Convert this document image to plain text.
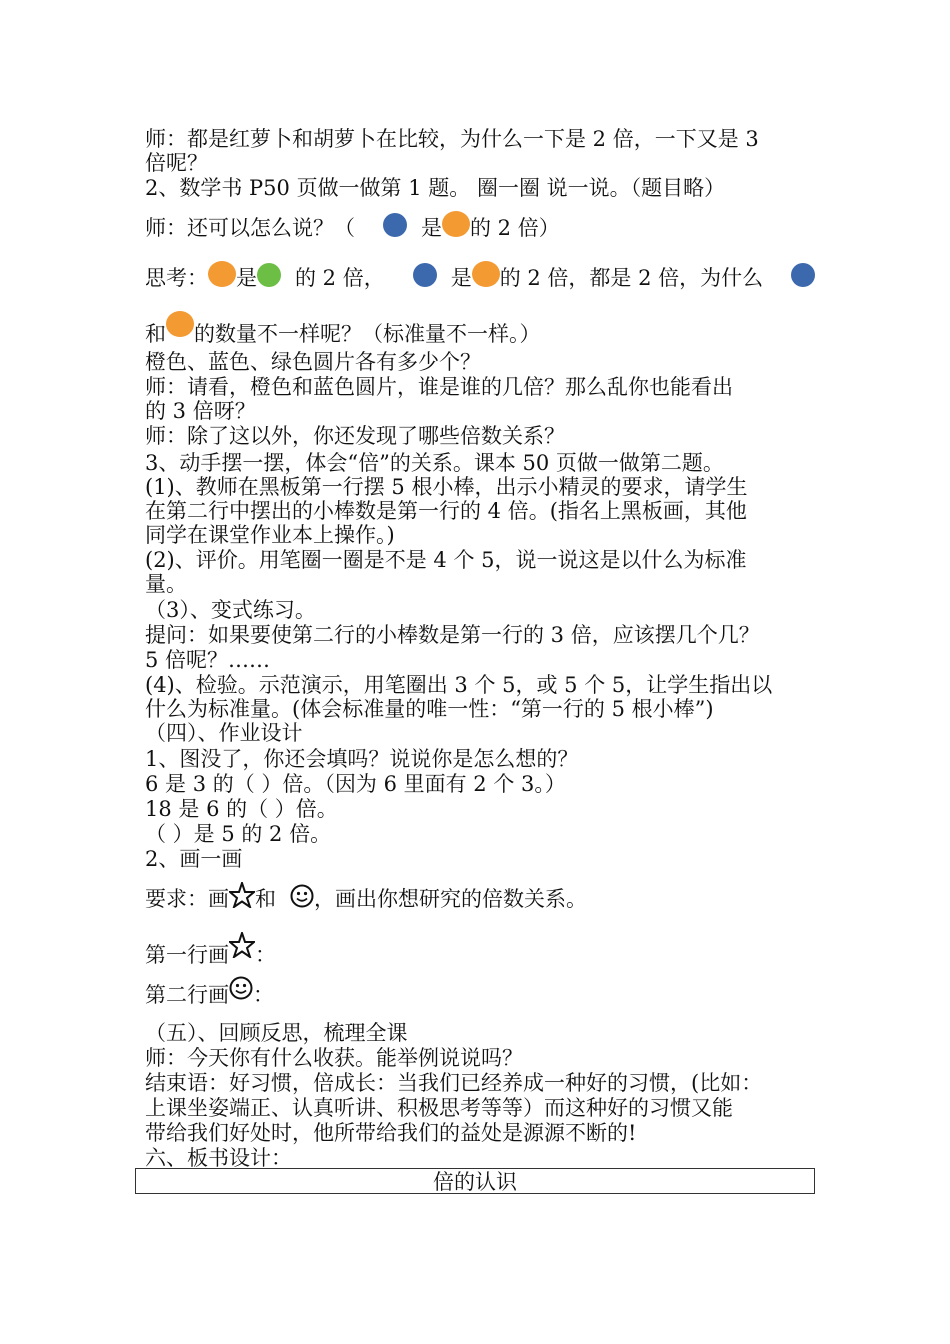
师：都是红萝卜和胡萝卜在比较，为什么一下是 2 倍，一下又是 3
倍呢？
2、数学书 P50 页做一做第 1 题。 圈一圈 说一说。（题目略）
师：还可以怎么说？（	是 的 2 倍）
思考： 是 的 2 倍，	是 的 2 倍，都是 2 倍，为什么
和 的数量不一样呢？（标准量不一样。）
橙色、蓝色、绿色圆片各有多少个？
师：请看，橙色和蓝色圆片，谁是谁的几倍？那么乱你也能看出
的 3 倍呀？
师：除了这以外，你还发现了哪些倍数关系？
3、动手摆一摆，体会“倍”的关系。课本 50 页做一做第二题。
(1)、教师在黑板第一行摆 5 根小棒，出示小精灵的要求，请学生
在第二行中摆出的小棒数是第一行的 4 倍。(指名上黑板画，其他
同学在课堂作业本上操作。)
(2)、评价。用笔圈一圈是不是 4 个 5，说一说这是以什么为标准
量。
（3）、变式练习。
提问：如果要使第二行的小棒数是第一行的 3 倍，应该摆几个几？
5 倍呢？……
(4)、检验。示范演示，用笔圈出 3 个 5，或 5 个 5，让学生指出以
什么为标准量。(体会标准量的唯一性：“第一行的 5 根小棒”)
（四）、作业设计
1、图没了，你还会填吗？说说你是怎么想的？
6 是 3 的（ ）倍。（因为 6 里面有 2 个 3。）
18 是 6 的（ ）倍。
（ ）是 5 的 2 倍。
2、画一画
要求：画 和 ，画出你想研究的倍数关系。
第一行画 ：
第二行画 ：
（五）、回顾反思，梳理全课
师：今天你有什么收获。能举例说说吗？
结束语：好习惯，倍成长：当我们已经养成一种好的习惯，(比如：
上课坐姿端正、认真听讲、积极思考等等）而这种好的习惯又能
带给我们好处时，他所带给我们的益处是源源不断的!
六、板书设计：
倍的认识
